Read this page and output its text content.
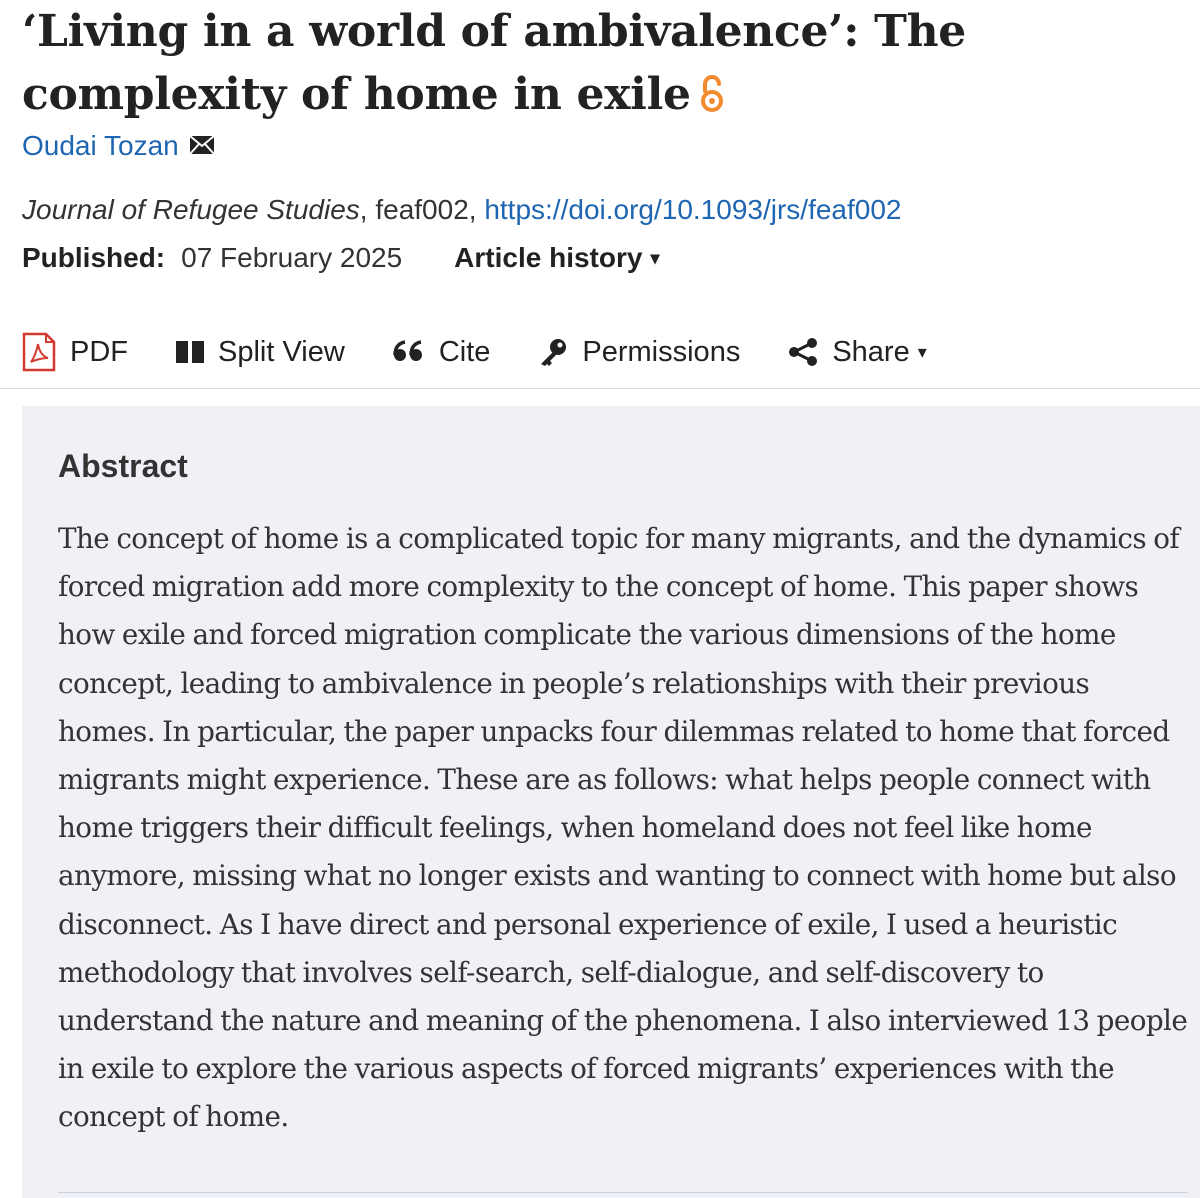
‘Living in a world of ambivalence’: The complexity of home in exile
Oudai Tozan
Journal of Refugee Studies, feaf002, https://doi.org/10.1093/jrs/feaf002
Published: 07 February 2025 Article history ▾
PDF	Split View	Cite	Permissions	Share ▾
Abstract

The concept of home is a complicated topic for many migrants, and the dynamics of forced migration add more complexity to the concept of home. This paper shows how exile and forced migration complicate the various dimensions of the home concept, leading to ambivalence in people’s relationships with their previous homes. In particular, the paper unpacks four dilemmas related to home that forced migrants might experience. These are as follows: what helps people connect with home triggers their difficult feelings, when homeland does not feel like home anymore, missing what no longer exists and wanting to connect with home but also disconnect. As I have direct and personal experience of exile, I used a heuristic methodology that involves self-search, self-dialogue, and self-discovery to understand the nature and meaning of the phenomena. I also interviewed 13 people in exile to explore the various aspects of forced migrants’ experiences with the concept of home.
